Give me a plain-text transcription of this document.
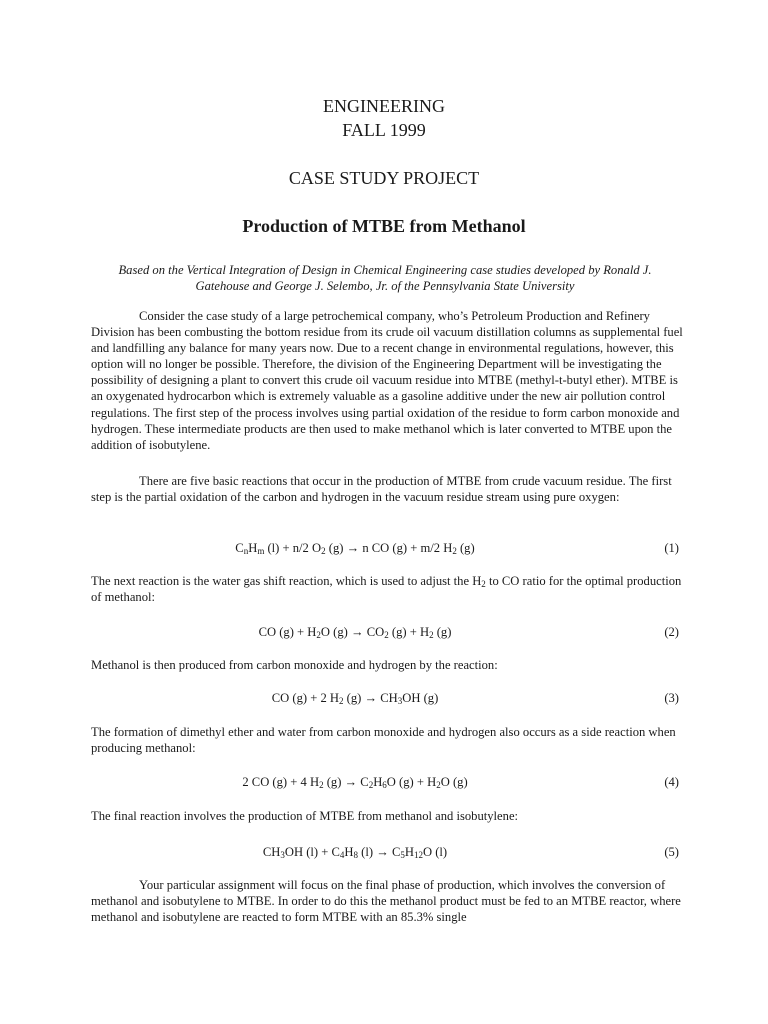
ENGINEERING
FALL 1999
CASE STUDY PROJECT
Production of MTBE from Methanol
Based on the Vertical Integration of Design in Chemical Engineering case studies developed by Ronald J.
Gatehouse and George J. Selembo, Jr. of the Pennsylvania State University

Consider the case study of a large petrochemical company, who’s Petroleum Production and Refinery Division has been combusting the bottom residue from its crude oil vacuum distillation columns as supplemental fuel and landfilling any balance for many years now. Due to a recent change in environmental regulations, however, this option will no longer be possible. Therefore, the division of the Engineering Department will be investigating the possibility of designing a plant to convert this crude oil vacuum residue into MTBE (methyl-t-butyl ether). MTBE is an oxygenated hydrocarbon which is extremely valuable as a gasoline additive under the new air pollution control regulations. The first step of the process involves using partial oxidation of the residue to form carbon monoxide and hydrogen. These intermediate products are then used to make methanol which is later converted to MTBE upon the addition of isobutylene.

There are five basic reactions that occur in the production of MTBE from crude vacuum residue. The first step is the partial oxidation of the carbon and hydrogen in the vacuum residue stream using pure oxygen:

$C_nH_m$ (l) + n/2 $O_2$ (g) → n CO (g) + m/2 $H_2$ (g)	(1)

The next reaction is the water gas shift reaction, which is used to adjust the $H_2$ to CO ratio for the optimal production of methanol:

CO $(g) + H_2O$ $(g) \to CO_2$ $(g) + H_2$ (g)	(2)

Methanol is then produced from carbon monoxide and hydrogen by the reaction:

CO (g) + 2 $H_2$ $(g) \to CH_3OH$ (g)	(3)

The formation of dimethyl ether and water from carbon monoxide and hydrogen also occurs as a side reaction when producing methanol:

2 CO (g) + 4 $H_2$ $(g) \to C_2H_6O$ $(g) + H_2O$ (g)	(4)

The final reaction involves the production of MTBE from methanol and isobutylene:

$CH_3OH$ $(l) + C_4H_8$ $(l) \to C_5H_{12}O$ (l)	(5)

Your particular assignment will focus on the final phase of production, which involves the conversion of methanol and isobutylene to MTBE. In order to do this the methanol product must be fed to an MTBE reactor, where methanol and isobutylene are reacted to form MTBE with an 85.3% single
